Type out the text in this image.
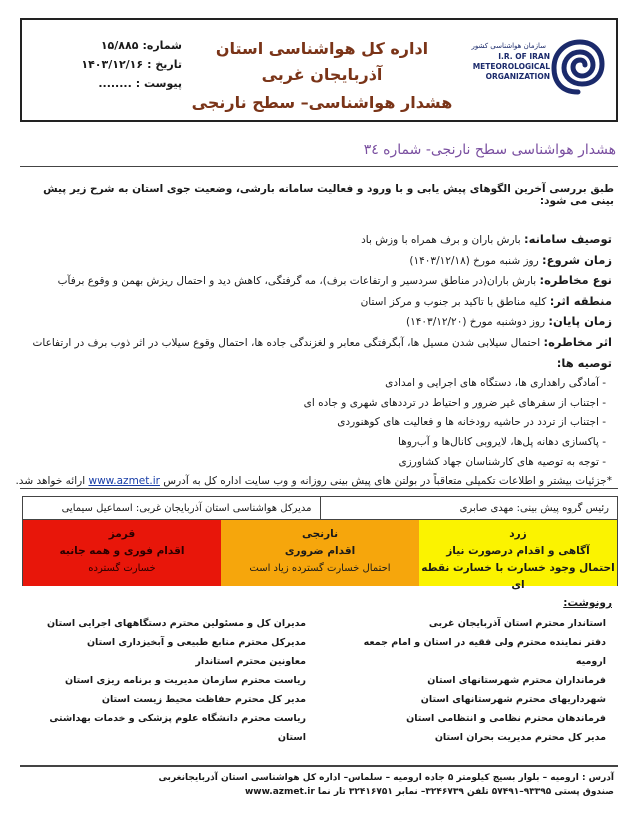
سازمان هواشناسی کشور
I.R. OF IRAN METEOROLOGICAL ORGANIZATION
اداره کل هواشناسی استان آذربایجان غربی
هشدار هواشناسی– سطح نارنجی
شماره:
۱۵/۸۸۵
تاریخ :
۱۴۰۳/۱۲/۱۶
پیوست :
........
هشدار هواشناسی سطح نارنجی- شماره ۳٤
طبق بررسی آخرین الگوهای پیش یابی و با ورود و فعالیت سامانه بارشی، وضعیت جوی استان به شرح زیر پیش بینی می شود:
توصیف سامانه: بارش باران و برف همراه با وزش باد
زمان شروع: روز شنبه مورخ (۱۴۰۳/۱۲/۱۸)
نوع مخاطره: بارش باران(در مناطق سردسیر و ارتفاعات برف)، مه گرفتگی، کاهش دید و احتمال ریزش بهمن و وقوع برفآب
منطقه اثر: کلیه مناطق با تاکید بر جنوب و مرکز استان
زمان پایان: روز دوشنبه مورخ (۱۴۰۳/۱۲/۲۰)
اثر مخاطره: احتمال سیلابی شدن مسیل ها، آبگرفتگی معابر و لغزندگی جاده ها، احتمال وقوع سیلاب در اثر ذوب برف در ارتفاعات
توصیه ها:
- آمادگی راهداری ها، دستگاه های اجرایی و امدادی
- اجتناب از سفرهای غیر ضرور و احتیاط در ترددهای شهری و جاده ای
- اجتناب از تردد در حاشیه رودخانه ها و فعالیت های کوهنوردی
- پاکسازی دهانه پل‌ها، لایروبی کانال‌ها و آب‌روها
- توجه به توصیه های کارشناسان جهاد کشاورزی
*جزئیات بیشتر و اطلاعات تکمیلی متعاقباً در بولتن های پیش بینی روزانه و وب سایت اداره کل به آدرس www.azmet.ir ارائه خواهد شد.
رئیس گروه پیش بینی: مهدی صابری
مدیرکل هواشناسی استان آذربایجان غربی: اسماعیل سیمایی
زرد
آگاهی و اقدام درصورت نیاز
احتمال وجود خسارت با خسارت نقطه ای
نارنجی
اقدام ضروری
احتمال خسارت گسترده زیاد است
قرمز
اقدام فوری و همه جانبه
خسارت گسترده
رونوشت:
استاندار محترم استان آذربایجان غربی
دفتر نماینده محترم ولی فقیه در استان و امام جمعه ارومیه
فرمانداران محترم شهرستانهای استان
شهرداریهای محترم شهرستانهای استان
فرماندهان محترم نظامی و انتظامی استان
مدیر کل محترم مدیریت بحران استان
مدیران کل و مسئولین محترم دستگاههای اجرایی استان
مدیرکل محترم منابع طبیعی و آبخیزداری استان
معاونین محترم استاندار
ریاست محترم سازمان مدیریت و برنامه ریزی استان
مدیر کل محترم حفاظت محیط زیست استان
ریاست محترم دانشگاه علوم پزشکی و خدمات بهداشتی استان
آدرس : ارومیه – بلوار بسیج کیلومتر ۵ جاده ارومیه – سلماس– اداره کل هواشناسی استان آذربایجانغربی
صندوق پستی ۹۳۳۹۵–۵۷۴۹۱ تلفن ۳۲۴۶۷۳۹– نمابر ۳۲۴۱۶۷۵۱ تار نما www.azmet.ir
